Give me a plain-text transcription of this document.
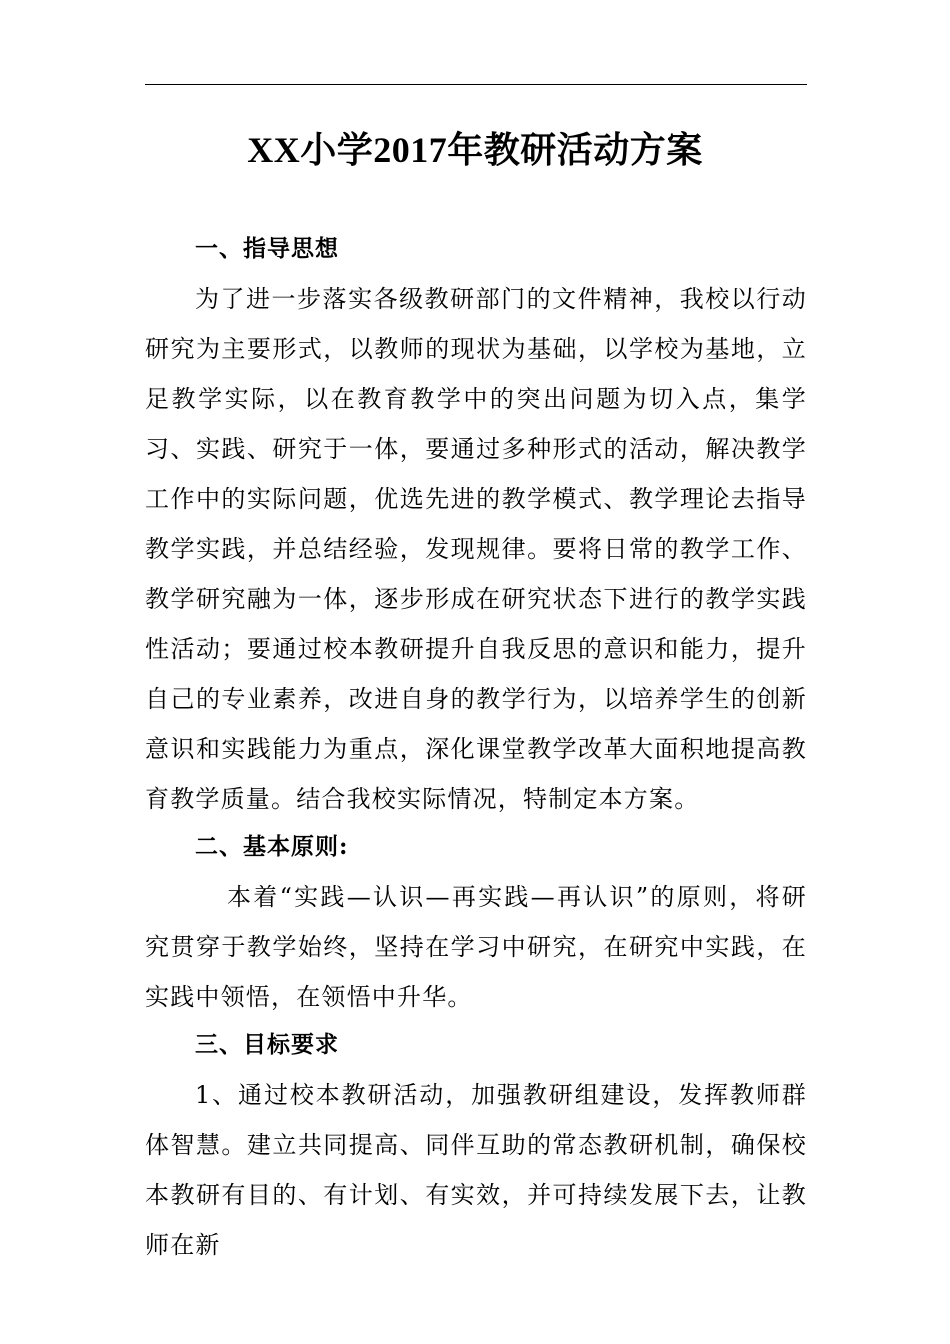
XX小学2017年教研活动方案
一、指导思想

为了进一步落实各级教研部门的文件精神，我校以行动研究为主要形式，以教师的现状为基础，以学校为基地，立足教学实际，以在教育教学中的突出问题为切入点，集学习、实践、研究于一体，要通过多种形式的活动，解决教学工作中的实际问题，优选先进的教学模式、教学理论去指导教学实践，并总结经验，发现规律。要将日常的教学工作、教学研究融为一体，逐步形成在研究状态下进行的教学实践性活动；要通过校本教研提升自我反思的意识和能力，提升自己的专业素养，改进自身的教学行为，以培养学生的创新意识和实践能力为重点，深化课堂教学改革大面积地提高教育教学质量。结合我校实际情况，特制定本方案。

二、基本原则:

本着“实践—认识—再实践—再认识”的原则，将研究贯穿于教学始终，坚持在学习中研究，在研究中实践，在实践中领悟，在领悟中升华。

三、目标要求

1、通过校本教研活动，加强教研组建设，发挥教师群体智慧。建立共同提高、同伴互助的常态教研机制，确保校本教研有目的、有计划、有实效，并可持续发展下去，让教师在新
